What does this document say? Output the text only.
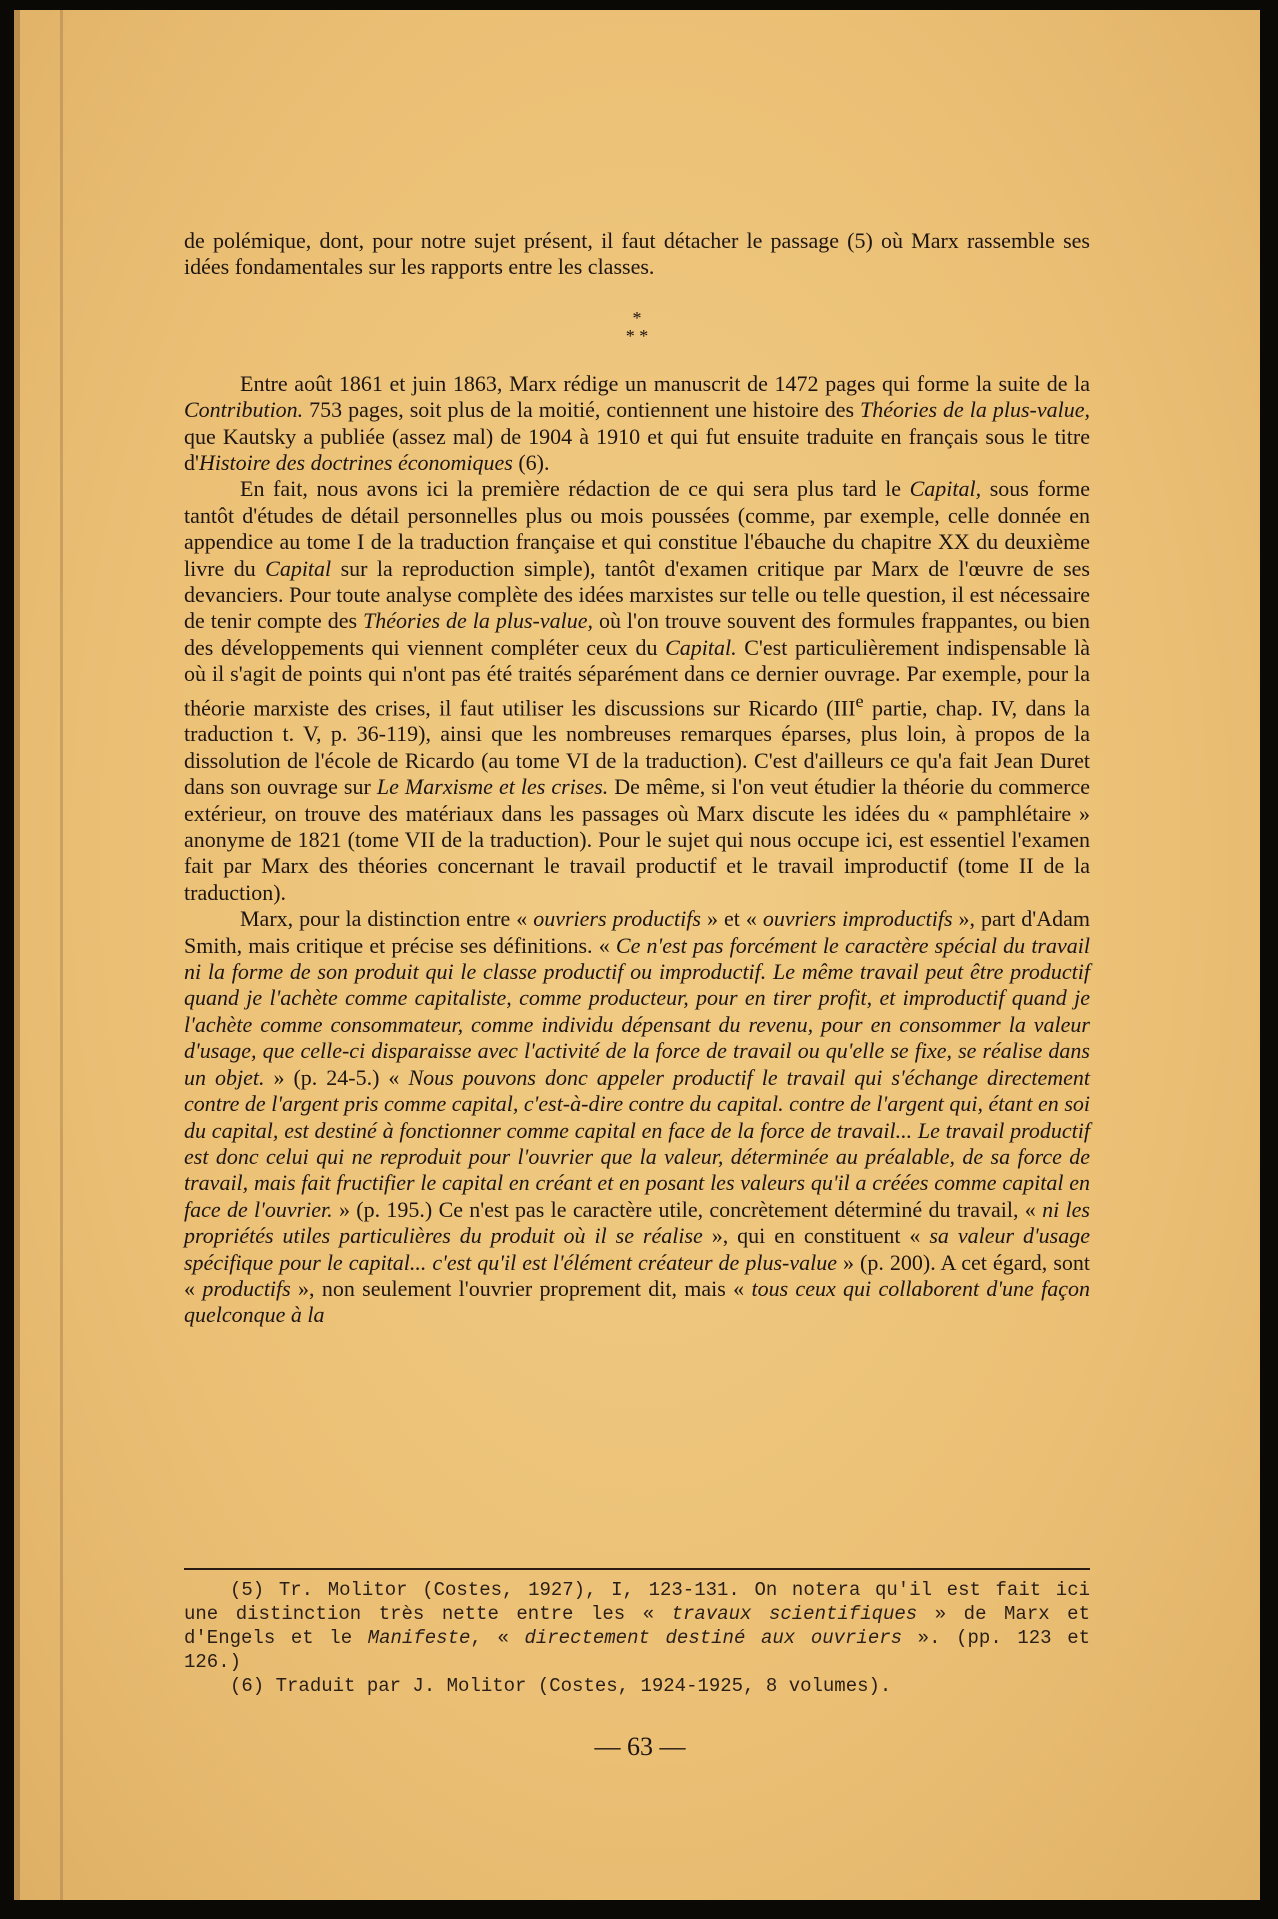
de polémique, dont, pour notre sujet présent, il faut détacher le passage (5) où Marx rassemble ses idées fondamentales sur les rapports entre les classes.

*
* *

Entre août 1861 et juin 1863, Marx rédige un manuscrit de 1472 pages qui forme la suite de la Contribution. 753 pages, soit plus de la moitié, contiennent une histoire des Théories de la plus-value, que Kautsky a publiée (assez mal) de 1904 à 1910 et qui fut ensuite traduite en français sous le titre d'Histoire des doctrines économiques (6).

En fait, nous avons ici la première rédaction de ce qui sera plus tard le Capital, sous forme tantôt d'études de détail personnelles plus ou mois poussées (comme, par exemple, celle donnée en appendice au tome I de la traduction française et qui constitue l'ébauche du chapitre XX du deuxième livre du Capital sur la reproduction simple), tantôt d'examen critique par Marx de l'œuvre de ses devanciers. Pour toute analyse complète des idées marxistes sur telle ou telle question, il est nécessaire de tenir compte des Théories de la plus-value, où l'on trouve souvent des formules frappantes, ou bien des développements qui viennent compléter ceux du Capital. C'est particulièrement indispensable là où il s'agit de points qui n'ont pas été traités séparément dans ce dernier ouvrage. Par exemple, pour la théorie marxiste des crises, il faut utiliser les discussions sur Ricardo (IIIe partie, chap. IV, dans la traduction t. V, p. 36-119), ainsi que les nombreuses remarques éparses, plus loin, à propos de la dissolution de l'école de Ricardo (au tome VI de la traduction). C'est d'ailleurs ce qu'a fait Jean Duret dans son ouvrage sur Le Marxisme et les crises. De même, si l'on veut étudier la théorie du commerce extérieur, on trouve des matériaux dans les passages où Marx discute les idées du « pamphlétaire » anonyme de 1821 (tome VII de la traduction). Pour le sujet qui nous occupe ici, est essentiel l'examen fait par Marx des théories concernant le travail productif et le travail improductif (tome II de la traduction).

Marx, pour la distinction entre « ouvriers productifs » et « ouvriers improductifs », part d'Adam Smith, mais critique et précise ses définitions. « Ce n'est pas forcément le caractère spécial du travail ni la forme de son produit qui le classe productif ou improductif. Le même travail peut être productif quand je l'achète comme capitaliste, comme producteur, pour en tirer profit, et improductif quand je l'achète comme consommateur, comme individu dépensant du revenu, pour en consommer la valeur d'usage, que celle-ci disparaisse avec l'activité de la force de travail ou qu'elle se fixe, se réalise dans un objet. » (p. 24-5.) « Nous pouvons donc appeler productif le travail qui s'échange directement contre de l'argent pris comme capital, c'est-à-dire contre du capital. contre de l'argent qui, étant en soi du capital, est destiné à fonctionner comme capital en face de la force de travail... Le travail productif est donc celui qui ne reproduit pour l'ouvrier que la valeur, déterminée au préalable, de sa force de travail, mais fait fructifier le capital en créant et en posant les valeurs qu'il a créées comme capital en face de l'ouvrier. » (p. 195.) Ce n'est pas le caractère utile, concrètement déterminé du travail, « ni les propriétés utiles particulières du produit où il se réalise », qui en constituent « sa valeur d'usage spécifique pour le capital... c'est qu'il est l'élément créateur de plus-value » (p. 200). A cet égard, sont « productifs », non seulement l'ouvrier proprement dit, mais « tous ceux qui collaborent d'une façon quelconque à la

(5) Tr. Molitor (Costes, 1927), I, 123-131. On notera qu'il est fait ici une distinction très nette entre les « travaux scientifiques » de Marx et d'Engels et le Manifeste, « directement destiné aux ouvriers ». (pp. 123 et 126.)

(6) Traduit par J. Molitor (Costes, 1924-1925, 8 volumes).

— 63 —
